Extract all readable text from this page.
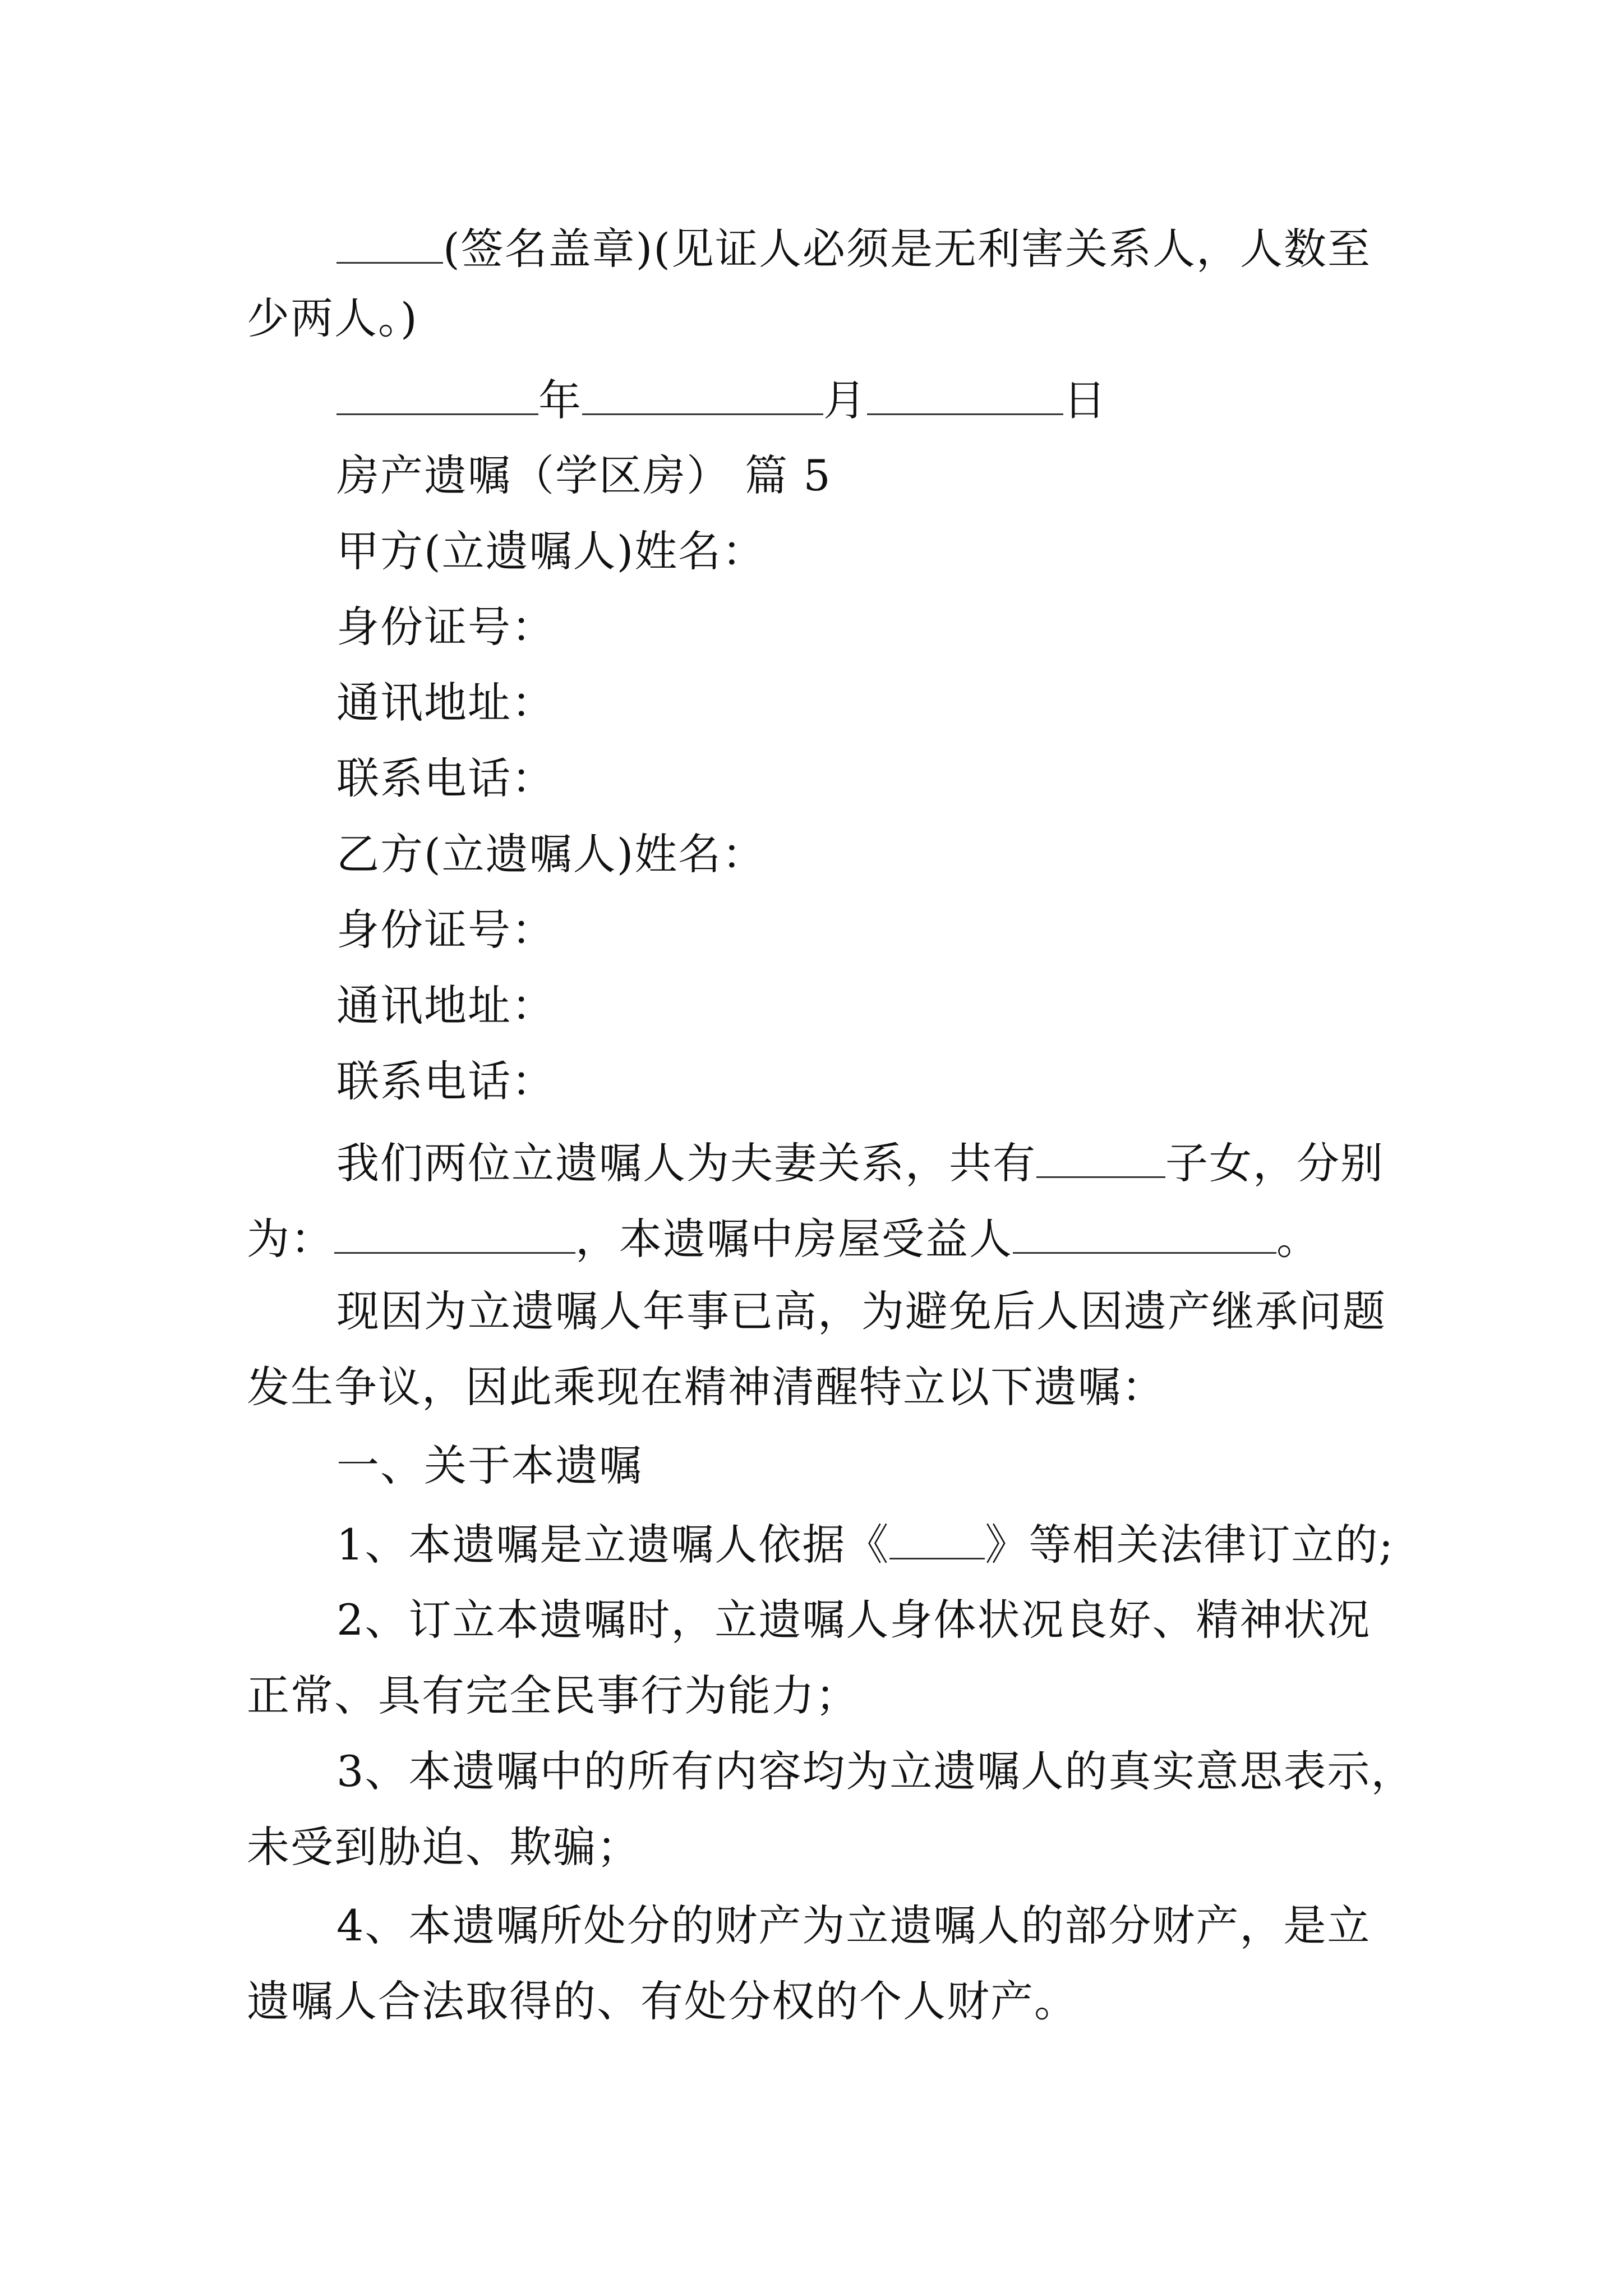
(签名盖章)(见证人必须是无利害关系人，人数至
少两人。)
年	月	日
房产遗嘱（学区房） 篇 5
甲方(立遗嘱人)姓名：
身份证号：
通讯地址：
联系电话：
乙方(立遗嘱人)姓名：
身份证号：
通讯地址：
联系电话：
我们两位立遗嘱人为夫妻关系，共有	子女，分别
为：	，本遗嘱中房屋受益人	。
现因为立遗嘱人年事已高，为避免后人因遗产继承问题
发生争议，因此乘现在精神清醒特立以下遗嘱：
一、关于本遗嘱
1、本遗嘱是立遗嘱人依据《 》等相关法律订立的;
2、订立本遗嘱时，立遗嘱人身体状况良好、精神状况
正常、具有完全民事行为能力；
3、本遗嘱中的所有内容均为立遗嘱人的真实意思表示，
未受到胁迫、欺骗；
4、本遗嘱所处分的财产为立遗嘱人的部分财产，是立
遗嘱人合法取得的、有处分权的个人财产。
